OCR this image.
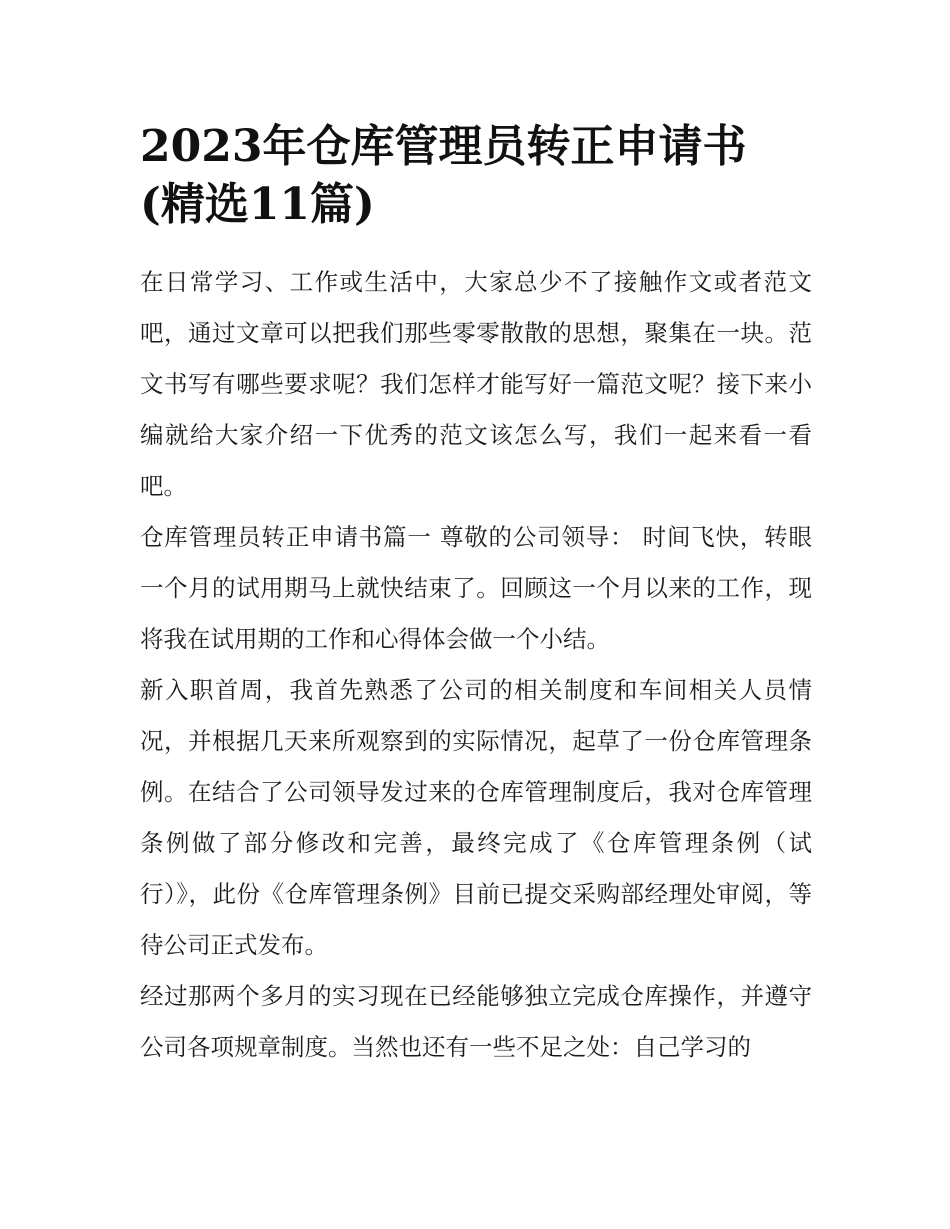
2023年仓库管理员转正申请书
(精选11篇)

在日常学习、工作或生活中，大家总少不了接触作文或者范文吧，通过文章可以把我们那些零零散散的思想，聚集在一块。范文书写有哪些要求呢？我们怎样才能写好一篇范文呢？接下来小编就给大家介绍一下优秀的范文该怎么写，我们一起来看一看吧。

仓库管理员转正申请书篇一 尊敬的公司领导： 时间飞快，转眼一个月的试用期马上就快结束了。回顾这一个月以来的工作，现将我在试用期的工作和心得体会做一个小结。

新入职首周，我首先熟悉了公司的相关制度和车间相关人员情况，并根据几天来所观察到的实际情况，起草了一份仓库管理条例。在结合了公司领导发过来的仓库管理制度后，我对仓库管理条例做了部分修改和完善，最终完成了《仓库管理条例（试行）》，此份《仓库管理条例》目前已提交采购部经理处审阅，等待公司正式发布。

经过那两个多月的实习现在已经能够独立完成仓库操作，并遵守公司各项规章制度。当然也还有一些不足之处：自己学习的
